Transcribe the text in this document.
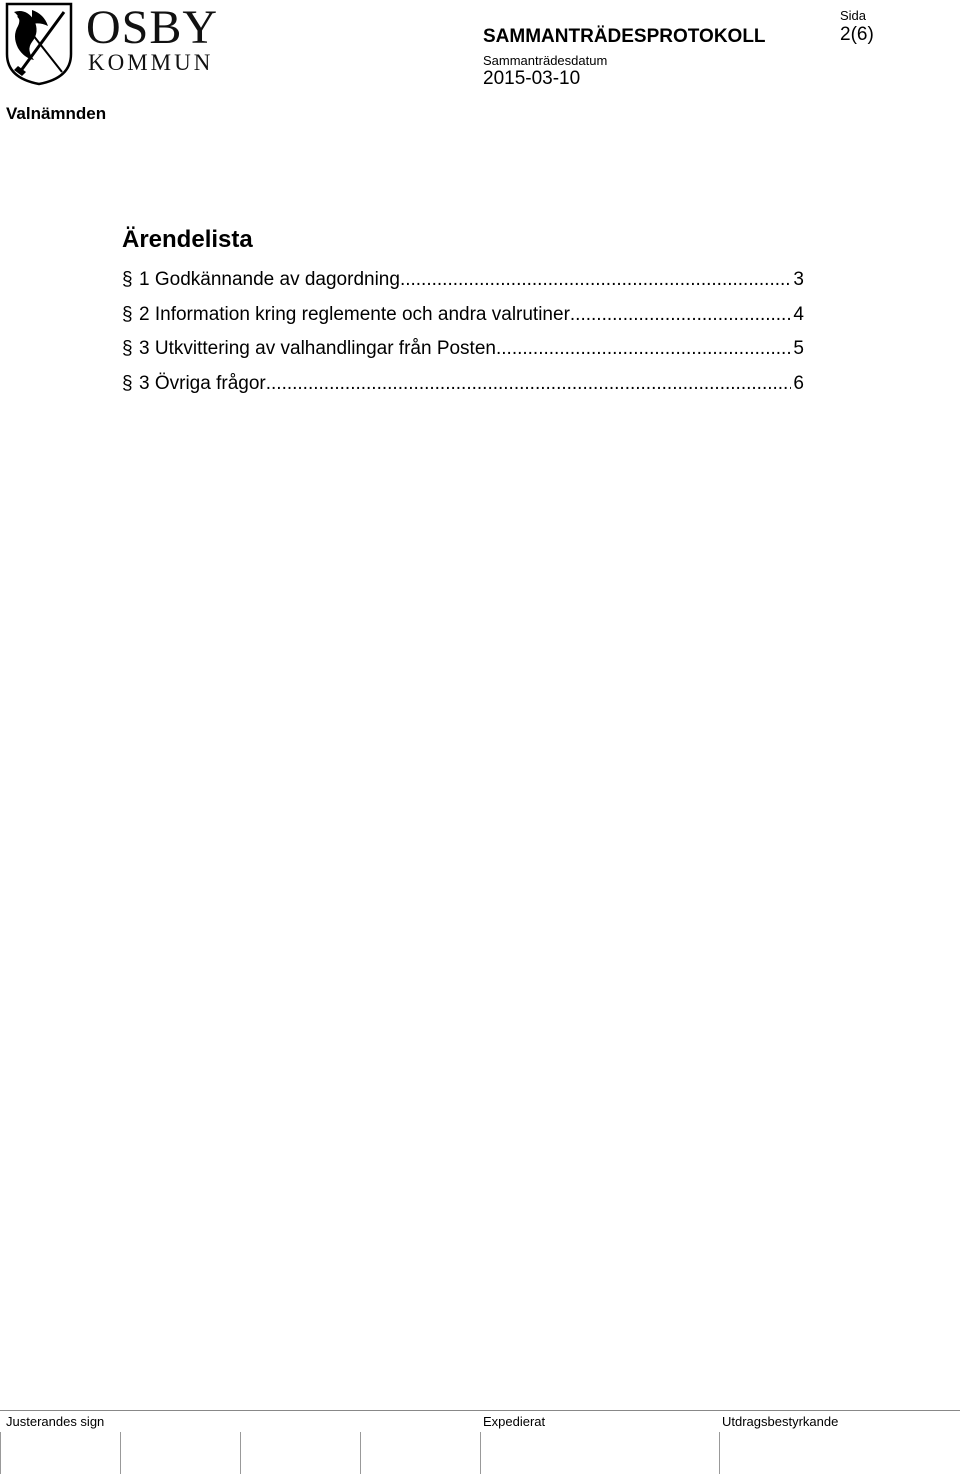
OSBY
KOMMUN
Valnämnden
SAMMANTRÄDESPROTOKOLL
Sammanträdesdatum
2015-03-10
Sida
2(6)
Ärendelista
§ 1 Godkännande av dagordning .....	3
§ 2 Information kring reglemente och andra valrutiner .....	4
§ 3 Utkvittering av valhandlingar från Posten .....	5
§ 3 Övriga frågor .....	6
Justerandes sign	Expedierat	Utdragsbestyrkande
